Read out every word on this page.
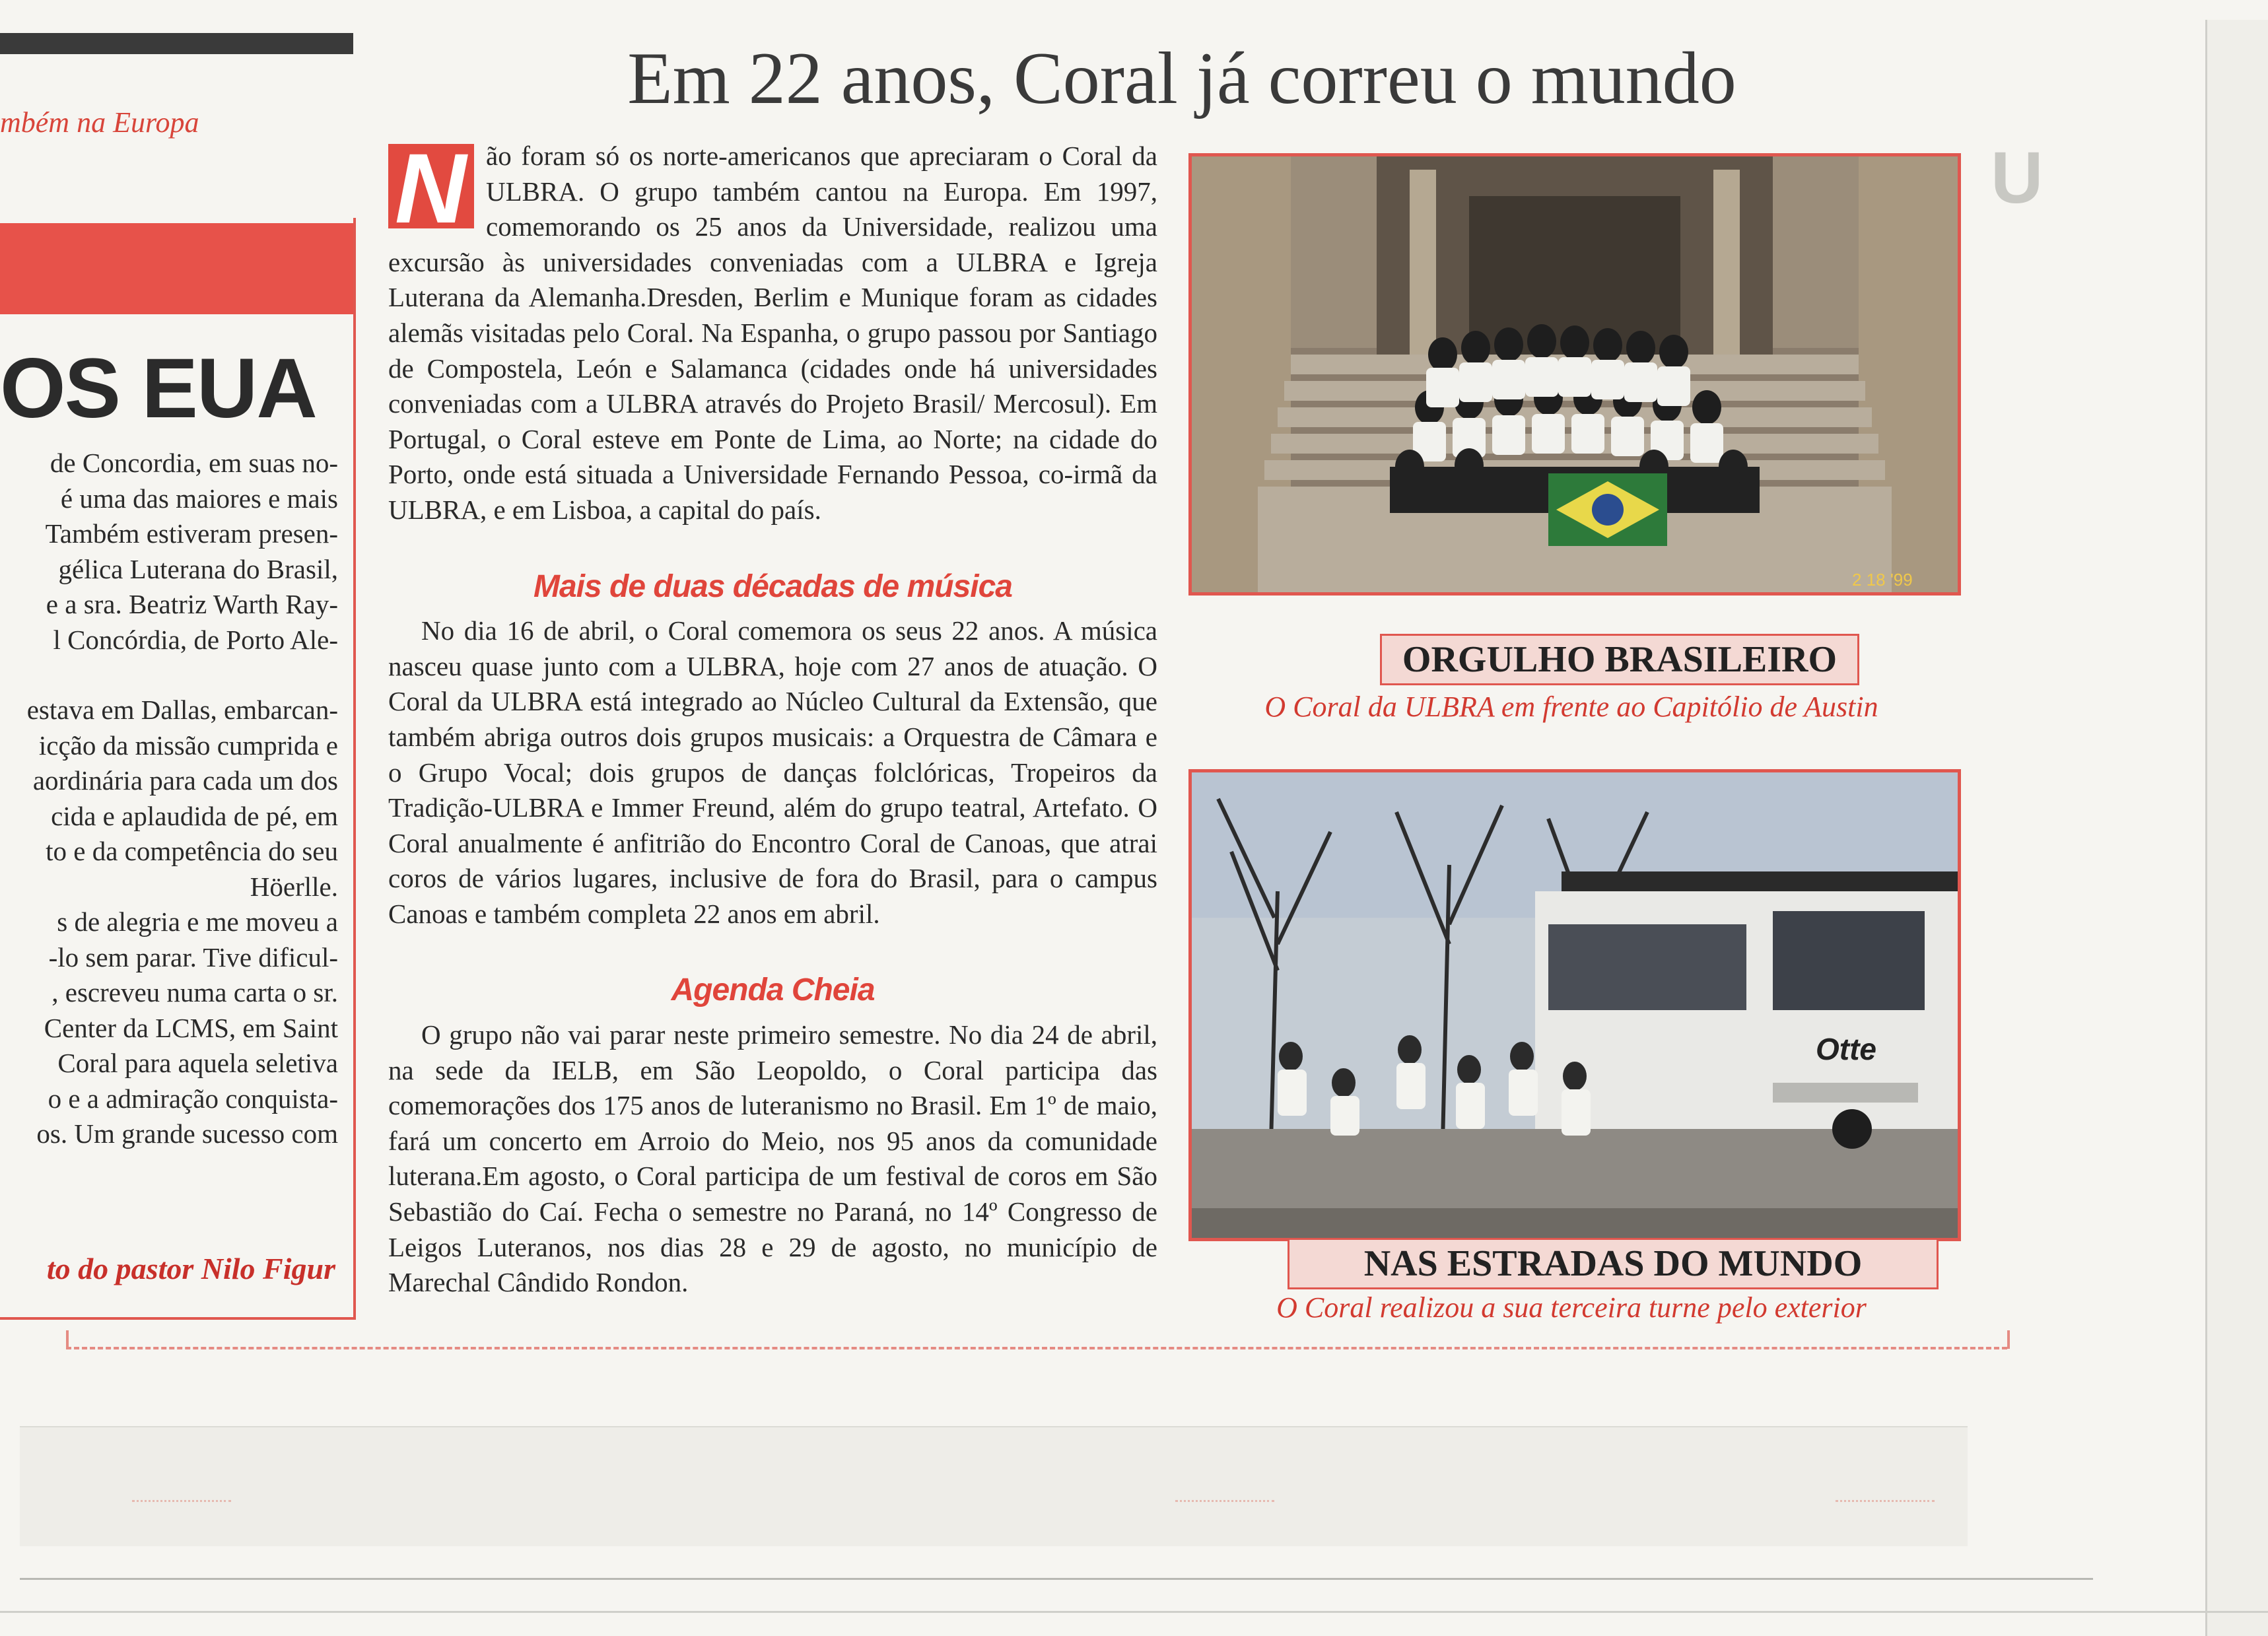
U
mbém na Europa
OS EUA

de Concordia, em suas no-

é uma das maiores e mais

Também estiveram presen-

gélica Luterana do Brasil,

e a sra. Beatriz Warth Ray-

l Concórdia, de Porto Ale-

estava em Dallas, embarcan-

icção da missão cumprida e

aordinária para cada um dos

cida e aplaudida de pé, em

to e da competência do seu

Höerlle.

s de alegria e me moveu a

-lo sem parar. Tive dificul-

, escreveu numa carta o sr.

Center da LCMS, em Saint

Coral para aquela seletiva

o e a admiração conquista-

os. Um grande sucesso com

to do pastor Nilo Figur
Em 22 anos, Coral já correu o mundo
N ão foram só os norte-americanos que apreciaram o Coral da ULBRA. O grupo também cantou na Europa. Em 1997, comemorando os 25 anos da Universidade, realizou uma excursão às universidades conveniadas com a ULBRA e Igreja Luterana da Alemanha.Dresden, Berlim e Munique foram as cidades alemãs visitadas pelo Coral. Na Espanha, o grupo passou por Santiago de Compostela, León e Salamanca (cidades onde há universidades conveniadas com a ULBRA através do Projeto Brasil/ Mercosul). Em Portugal, o Coral esteve em Ponte de Lima, ao Norte; na cidade do Porto, onde está situada a Universidade Fernando Pessoa, co-irmã da ULBRA, e em Lisboa, a capital do país.

Mais de duas décadas de música

No dia 16 de abril, o Coral comemora os seus 22 anos. A música nasceu quase junto com a ULBRA, hoje com 27 anos de atuação. O Coral da ULBRA está integrado ao Núcleo Cultural da Extensão, que também abriga outros dois grupos musicais: a Orquestra de Câmara e o Grupo Vocal; dois grupos de danças folclóricas, Tropeiros da Tradição-ULBRA e Immer Freund, além do grupo teatral, Artefato. O Coral anualmente é anfitrião do Encontro Coral de Canoas, que atrai coros de vários lugares, inclusive de fora do Brasil, para o campus Canoas e também completa 22 anos em abril.

Agenda Cheia

O grupo não vai parar neste primeiro semestre. No dia 24 de abril, na sede da IELB, em São Leopoldo, o Coral participa das comemorações dos 175 anos de luteranismo no Brasil. Em 1º de maio, fará um concerto em Arroio do Meio, nos 95 anos da comunidade luterana.Em agosto, o Coral participa de um festival de coros em São Sebastião do Caí. Fecha o semestre no Paraná, no 14º Congresso de Leigos Luteranos, nos dias 28 e 29 de agosto, no município de Marechal Cândido Rondon.

2 18 '99
ORGULHO BRASILEIRO
O Coral da ULBRA em frente ao Capitólio de Austin
Otte
NAS ESTRADAS DO MUNDO
O Coral realizou a sua terceira turne pelo exterior
